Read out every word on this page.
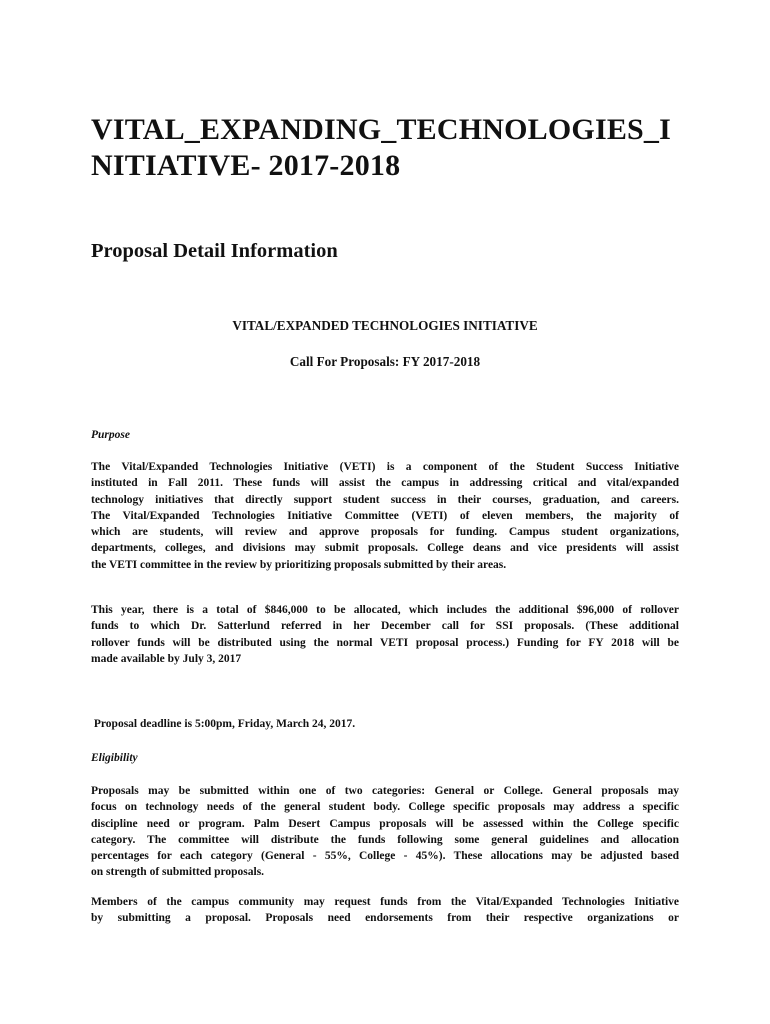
VITAL_EXPANDING_TECHNOLOGIES_I
NITIATIVE- 2017-2018
Proposal Detail Information
VITAL/EXPANDED TECHNOLOGIES INITIATIVE
Call For Proposals: FY 2017-2018
Purpose
The Vital/Expanded Technologies Initiative (VETI) is a component of the Student Success Initiative
instituted in Fall 2011. These funds will assist the campus in addressing critical and vital/expanded
technology initiatives that directly support student success in their courses, graduation, and careers.
The Vital/Expanded Technologies Initiative Committee (VETI) of eleven members, the majority of
which are students, will review and approve proposals for funding. Campus student organizations,
departments, colleges, and divisions may submit proposals. College deans and vice presidents will assist
the VETI committee in the review by prioritizing proposals submitted by their areas.
This year, there is a total of $846,000 to be allocated, which includes the additional $96,000 of rollover
funds to which Dr. Satterlund referred in her December call for SSI proposals. (These additional
rollover funds will be distributed using the normal VETI proposal process.) Funding for FY 2018 will be
made available by July 3, 2017

Proposal deadline is 5:00pm, Friday, March 24, 2017.

Eligibility
Proposals may be submitted within one of two categories: General or College. General proposals may
focus on technology needs of the general student body. College specific proposals may address a specific
discipline need or program. Palm Desert Campus proposals will be assessed within the College specific
category. The committee will distribute the funds following some general guidelines and allocation
percentages for each category (General - 55%, College - 45%). These allocations may be adjusted based
on strength of submitted proposals.
Members of the campus community may request funds from the Vital/Expanded Technologies Initiative
by submitting a proposal. Proposals need endorsements from their respective organizations or
